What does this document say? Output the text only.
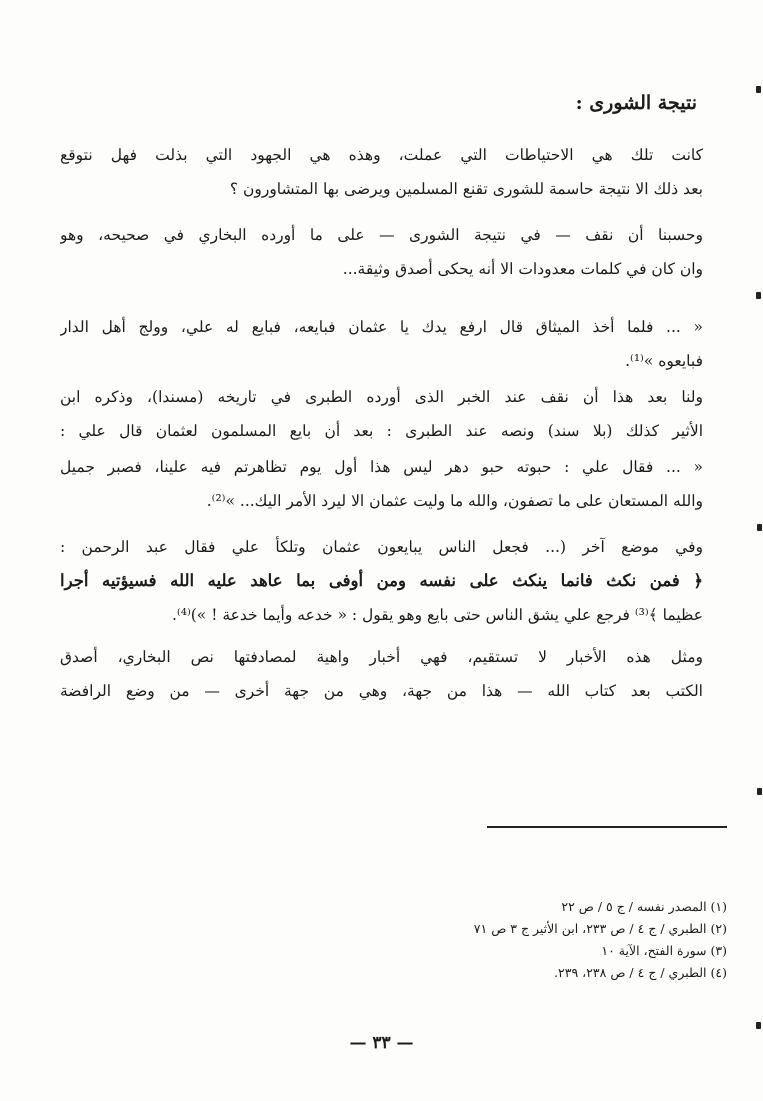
نتيجة الشورى :
كانت تلك هي الاحتياطات التي عملت، وهذه هي الجهود التي بذلت فهل نتوقع
بعد ذلك الا نتيجة حاسمة للشورى تقنع المسلمين ويرضى بها المتشاورون ؟
وحسبنا أن نقف — في نتيجة الشورى — على ما أورده البخاري في صحيحه، وهو
وان كان في كلمات معدودات الا أنه يحكى أصدق وثيقة...
« ... فلما أخذ الميثاق قال ارفع يدك يا عثمان فبايعه، فبايع له علي، وولج أهل الدار
فبايعوه »⁽¹⁾.
ولنا بعد هذا أن نقف عند الخبر الذى أورده الطبرى في تاريخه (مسندا)، وذكره ابن
الأثير كذلك (بلا سند) ونصه عند الطبرى : بعد أن بايع المسلمون لعثمان قال علي :
« ... فقال علي : حبوته حبو دهر ليس هذا أول يوم تظاهرتم فيه علينا، فصبر جميل
والله المستعان على ما تصفون، والله ما وليت عثمان الا ليرد الأمر اليك... »⁽²⁾.
وفي موضع آخر (... فجعل الناس يبايعون عثمان وتلكأ علي فقال عبد الرحمن :
﴿ فمن نكث فانما ينكث على نفسه ومن أوفى بما عاهد عليه الله فسيؤتيه أجرا
عظيما ﴾⁽³⁾ فرجع علي يشق الناس حتى بايع وهو يقول : « خدعه وأيما خدعة ! »)⁽⁴⁾.
ومثل هذه الأخبار لا تستقيم، فهي أخبار واهية لمصادفتها نص البخاري، أصدق
الكتب بعد كتاب الله — هذا من جهة، وهي من جهة أخرى — من وضع الرافضة
(١) المصدر نفسه / ج ٥ / ص ٢٢
(٢) الطبري / ج ٤ / ص ٢٣٣، ابن الأثير ج ٣ ص ٧١
(٣) سورة الفتح، الآية ١٠
(٤) الطبري / ج ٤ / ص ٢٣٨، ٢٣٩.
— ٣٣ —
